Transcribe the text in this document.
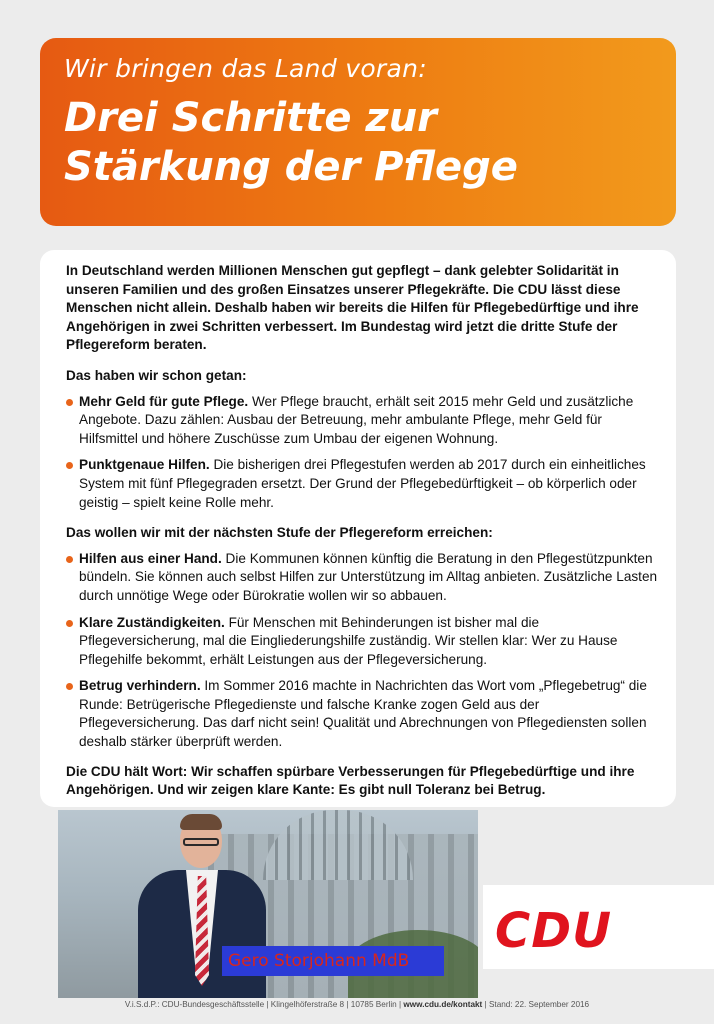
Wir bringen das Land voran:
Drei Schritte zur
Stärkung der Pflege

In Deutschland werden Millionen Menschen gut gepflegt – dank gelebter Solidarität in unseren Familien und des großen Einsatzes unserer Pflegekräfte. Die CDU lässt diese Menschen nicht allein. Deshalb haben wir bereits die Hilfen für Pflegebedürftige und ihre Angehörigen in zwei Schritten verbessert. Im Bundestag wird jetzt die dritte Stufe der Pflegereform beraten.

Das haben wir schon getan:

Mehr Geld für gute Pflege. Wer Pflege braucht, erhält seit 2015 mehr Geld und zusätzliche Angebote. Dazu zählen: Ausbau der Betreuung, mehr ambulante Pflege, mehr Geld für Hilfsmittel und höhere Zuschüsse zum Umbau der eigenen Wohnung.
Punktgenaue Hilfen. Die bisherigen drei Pflegestufen werden ab 2017 durch ein einheitliches System mit fünf Pflegegraden ersetzt. Der Grund der Pflegebedürftigkeit – ob körperlich oder geistig – spielt keine Rolle mehr.

Das wollen wir mit der nächsten Stufe der Pflegereform erreichen:

Hilfen aus einer Hand. Die Kommunen können künftig die Beratung in den Pflegestützpunkten bündeln. Sie können auch selbst Hilfen zur Unterstützung im Alltag anbieten. Zusätzliche Lasten durch unnötige Wege oder Bürokratie wollen wir so abbauen.
Klare Zuständigkeiten. Für Menschen mit Behinderungen ist bisher mal die Pflegeversicherung, mal die Eingliederungshilfe zuständig. Wir stellen klar: Wer zu Hause Pflegehilfe bekommt, erhält Leistungen aus der Pflegeversicherung.
Betrug verhindern. Im Sommer 2016 machte in Nachrichten das Wort vom „Pflegebetrug“ die Runde: Betrügerische Pflegedienste und falsche Kranke zogen Geld aus der Pflegeversicherung. Das darf nicht sein! Qualität und Abrechnungen von Pflegediensten sollen deshalb stärker überprüft werden.

Die CDU hält Wort: Wir schaffen spürbare Verbesserungen für Pflegebedürftige und ihre Angehörigen. Und wir zeigen klare Kante: Es gibt null Toleranz bei Betrug.

Gero Storjohann MdB
CDU
V.i.S.d.P.: CDU-Bundesgeschäftsstelle | Klingelhöferstraße 8 | 10785 Berlin | www.cdu.de/kontakt | Stand: 22. September 2016
